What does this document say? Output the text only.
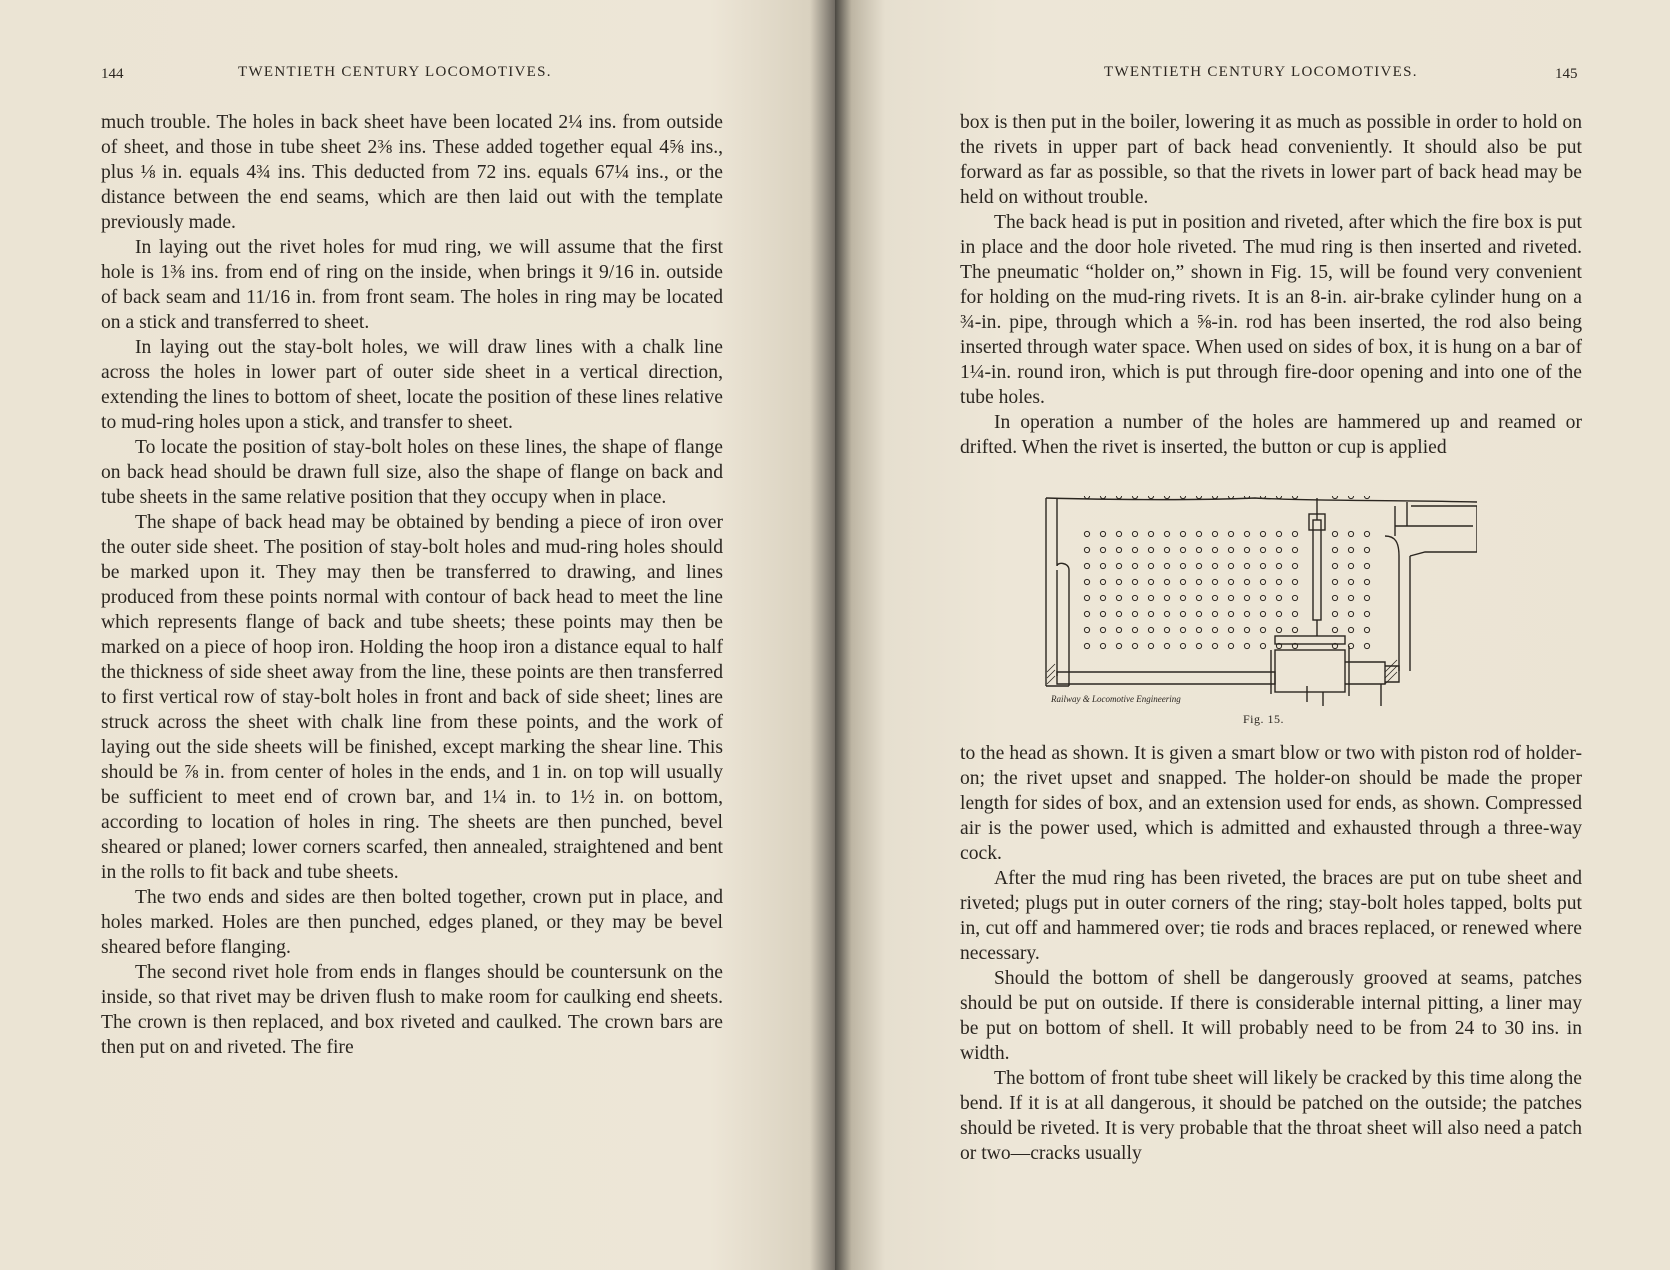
144	TWENTIETH CENTURY LOCOMOTIVES.

much trouble. The holes in back sheet have been located 2¼ ins. from outside of sheet, and those in tube sheet 2⅜ ins. These added together equal 4⅝ ins., plus ⅛ in. equals 4¾ ins. This deducted from 72 ins. equals 67¼ ins., or the distance between the end seams, which are then laid out with the template previously made.

In laying out the rivet holes for mud ring, we will assume that the first hole is 1⅜ ins. from end of ring on the inside, when brings it 9/16 in. outside of back seam and 11/16 in. from front seam. The holes in ring may be located on a stick and transferred to sheet.

In laying out the stay-bolt holes, we will draw lines with a chalk line across the holes in lower part of outer side sheet in a vertical direction, extending the lines to bottom of sheet, locate the position of these lines relative to mud-ring holes upon a stick, and transfer to sheet.

To locate the position of stay-bolt holes on these lines, the shape of flange on back head should be drawn full size, also the shape of flange on back and tube sheets in the same relative position that they occupy when in place.

The shape of back head may be obtained by bending a piece of iron over the outer side sheet. The position of stay-bolt holes and mud-ring holes should be marked upon it. They may then be transferred to drawing, and lines produced from these points normal with contour of back head to meet the line which represents flange of back and tube sheets; these points may then be marked on a piece of hoop iron. Holding the hoop iron a distance equal to half the thickness of side sheet away from the line, these points are then transferred to first vertical row of stay-bolt holes in front and back of side sheet; lines are struck across the sheet with chalk line from these points, and the work of laying out the side sheets will be finished, except marking the shear line. This should be ⅞ in. from center of holes in the ends, and 1 in. on top will usually be sufficient to meet end of crown bar, and 1¼ in. to 1½ in. on bottom, according to location of holes in ring. The sheets are then punched, bevel sheared or planed; lower corners scarfed, then annealed, straightened and bent in the rolls to fit back and tube sheets.

The two ends and sides are then bolted together, crown put in place, and holes marked. Holes are then punched, edges planed, or they may be bevel sheared before flanging.

The second rivet hole from ends in flanges should be countersunk on the inside, so that rivet may be driven flush to make room for caulking end sheets. The crown is then replaced, and box riveted and caulked. The crown bars are then put on and riveted. The fire

TWENTIETH CENTURY LOCOMOTIVES.	145

box is then put in the boiler, lowering it as much as possible in order to hold on the rivets in upper part of back head conveniently. It should also be put forward as far as possible, so that the rivets in lower part of back head may be held on without trouble.

The back head is put in position and riveted, after which the fire box is put in place and the door hole riveted. The mud ring is then inserted and riveted. The pneumatic “holder on,” shown in Fig. 15, will be found very convenient for holding on the mud-ring rivets. It is an 8-in. air-brake cylinder hung on a ¾-in. pipe, through which a ⅝-in. rod has been inserted, the rod also being inserted through water space. When used on sides of box, it is hung on a bar of 1¼-in. round iron, which is put through fire-door opening and into one of the tube holes.

In operation a number of the holes are hammered up and reamed or drifted. When the rivet is inserted, the button or cup is applied

Railway & Locomotive Engineering
Fig. 15.

to the head as shown. It is given a smart blow or two with piston rod of holder-on; the rivet upset and snapped. The holder-on should be made the proper length for sides of box, and an extension used for ends, as shown. Compressed air is the power used, which is admitted and exhausted through a three-way cock.

After the mud ring has been riveted, the braces are put on tube sheet and riveted; plugs put in outer corners of the ring; stay-bolt holes tapped, bolts put in, cut off and hammered over; tie rods and braces replaced, or renewed where necessary.

Should the bottom of shell be dangerously grooved at seams, patches should be put on outside. If there is considerable internal pitting, a liner may be put on bottom of shell. It will probably need to be from 24 to 30 ins. in width.

The bottom of front tube sheet will likely be cracked by this time along the bend. If it is at all dangerous, it should be patched on the outside; the patches should be riveted. It is very probable that the throat sheet will also need a patch or two—cracks usually
